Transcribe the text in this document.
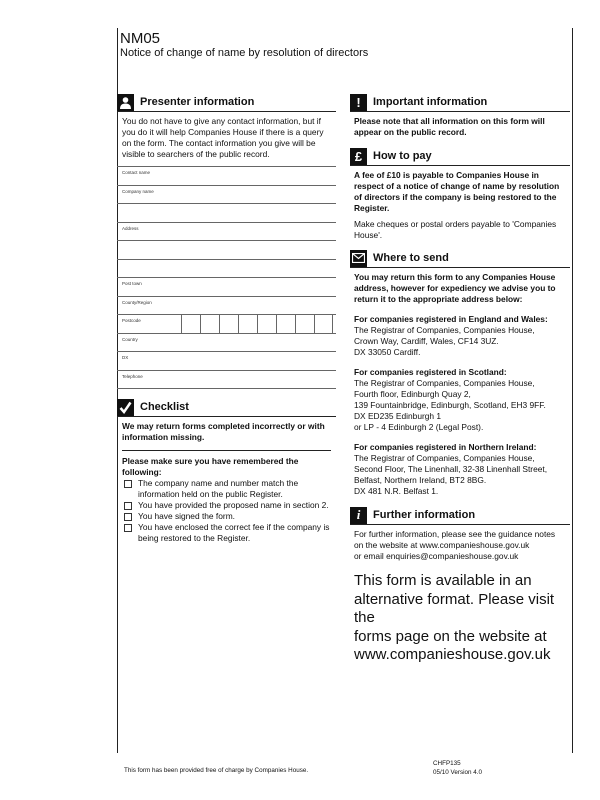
NM05
Notice of change of name by resolution of directors
Presenter information
You do not have to give any contact information, but if you do it will help Companies House if there is a query on the form. The contact information you give will be visible to searchers of the public record.
Contact name
Company name
Address
Post town
County/Region
Postcode
Country
DX
Telephone
Checklist
We may return forms completed incorrectly or with information missing.
Please make sure you have remembered the following:
The company name and number match the information held on the public Register.
You have provided the proposed name in section 2.
You have signed the form.
You have enclosed the correct fee if the company is being restored to the Register.
!	Important information
Please note that all information on this form will appear on the public record.
£ How to pay
A fee of £10 is payable to Companies House in respect of a notice of change of name by resolution of directors if the company is being restored to the Register.
Make cheques or postal orders payable to 'Companies House'.
Where to send
You may return this form to any Companies House address, however for expediency we advise you to return it to the appropriate address below:
For companies registered in England and Wales:
The Registrar of Companies, Companies House,
Crown Way, Cardiff, Wales, CF14 3UZ.
DX 33050 Cardiff.
For companies registered in Scotland:
The Registrar of Companies, Companies House,
Fourth floor, Edinburgh Quay 2,
139 Fountainbridge, Edinburgh, Scotland, EH3 9FF.
DX ED235 Edinburgh 1
or LP - 4 Edinburgh 2 (Legal Post).
For companies registered in Northern Ireland:
The Registrar of Companies, Companies House,
Second Floor, The Linenhall, 32-38 Linenhall Street,
Belfast, Northern Ireland, BT2 8BG.
DX 481 N.R. Belfast 1.
i	Further information
For further information, please see the guidance notes
on the website at www.companieshouse.gov.uk
or email enquiries@companieshouse.gov.uk
This form is available in an
alternative format. Please visit the
forms page on the website at
www.companieshouse.gov.uk
This form has been provided free of charge by Companies House.
CHFP135
05/10 Version 4.0
